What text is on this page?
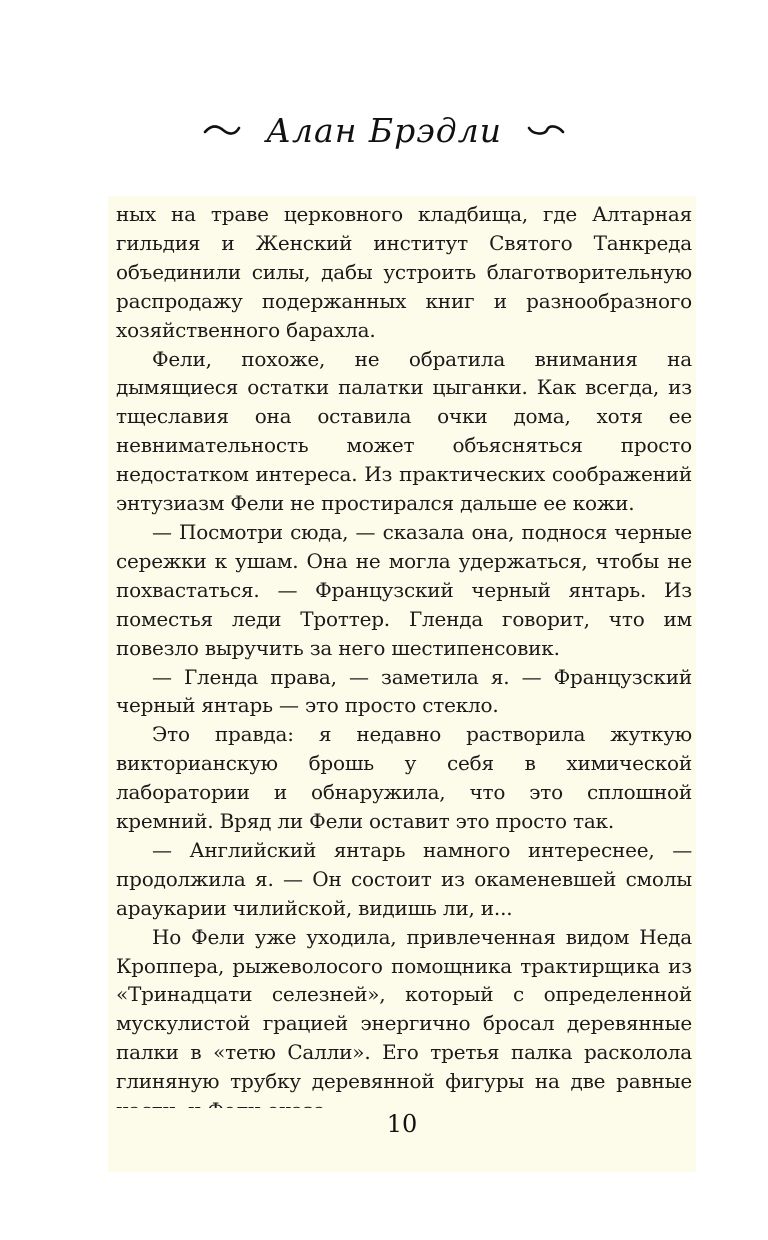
Алан Брэдли

ных на траве церковного кладбища, где Алтарная гильдия и Женский институт Святого Танкреда объединили силы, дабы устроить благотворительную распродажу подержанных книг и разнообразного хозяйственного барахла.

Фели, похоже, не обратила внимания на дымящиеся остатки палатки цыганки. Как всегда, из тщеславия она оставила очки дома, хотя ее невнимательность может объясняться просто недостатком интереса. Из практических соображений энтузиазм Фели не простирался дальше ее кожи.

— Посмотри сюда, — сказала она, поднося черные сережки к ушам. Она не могла удержаться, чтобы не похвастаться. — Французский черный янтарь. Из поместья леди Троттер. Гленда говорит, что им повезло выручить за него шестипенсовик.

— Гленда права, — заметила я. — Французский черный янтарь — это просто стекло.

Это правда: я недавно растворила жуткую викторианскую брошь у себя в химической лаборатории и обнаружила, что это сплошной кремний. Вряд ли Фели оставит это просто так.

— Английский янтарь намного интереснее, — продолжила я. — Он состоит из окаменевшей смолы араукарии чилийской, видишь ли, и...

Но Фели уже уходила, привлеченная видом Неда Кроппера, рыжеволосого помощника трактирщика из «Тринадцати селезней», который с определенной мускулистой грацией энергично бросал деревянные палки в «тетю Салли». Его третья палка расколола глиняную трубку деревянной фигуры на две равные

10
